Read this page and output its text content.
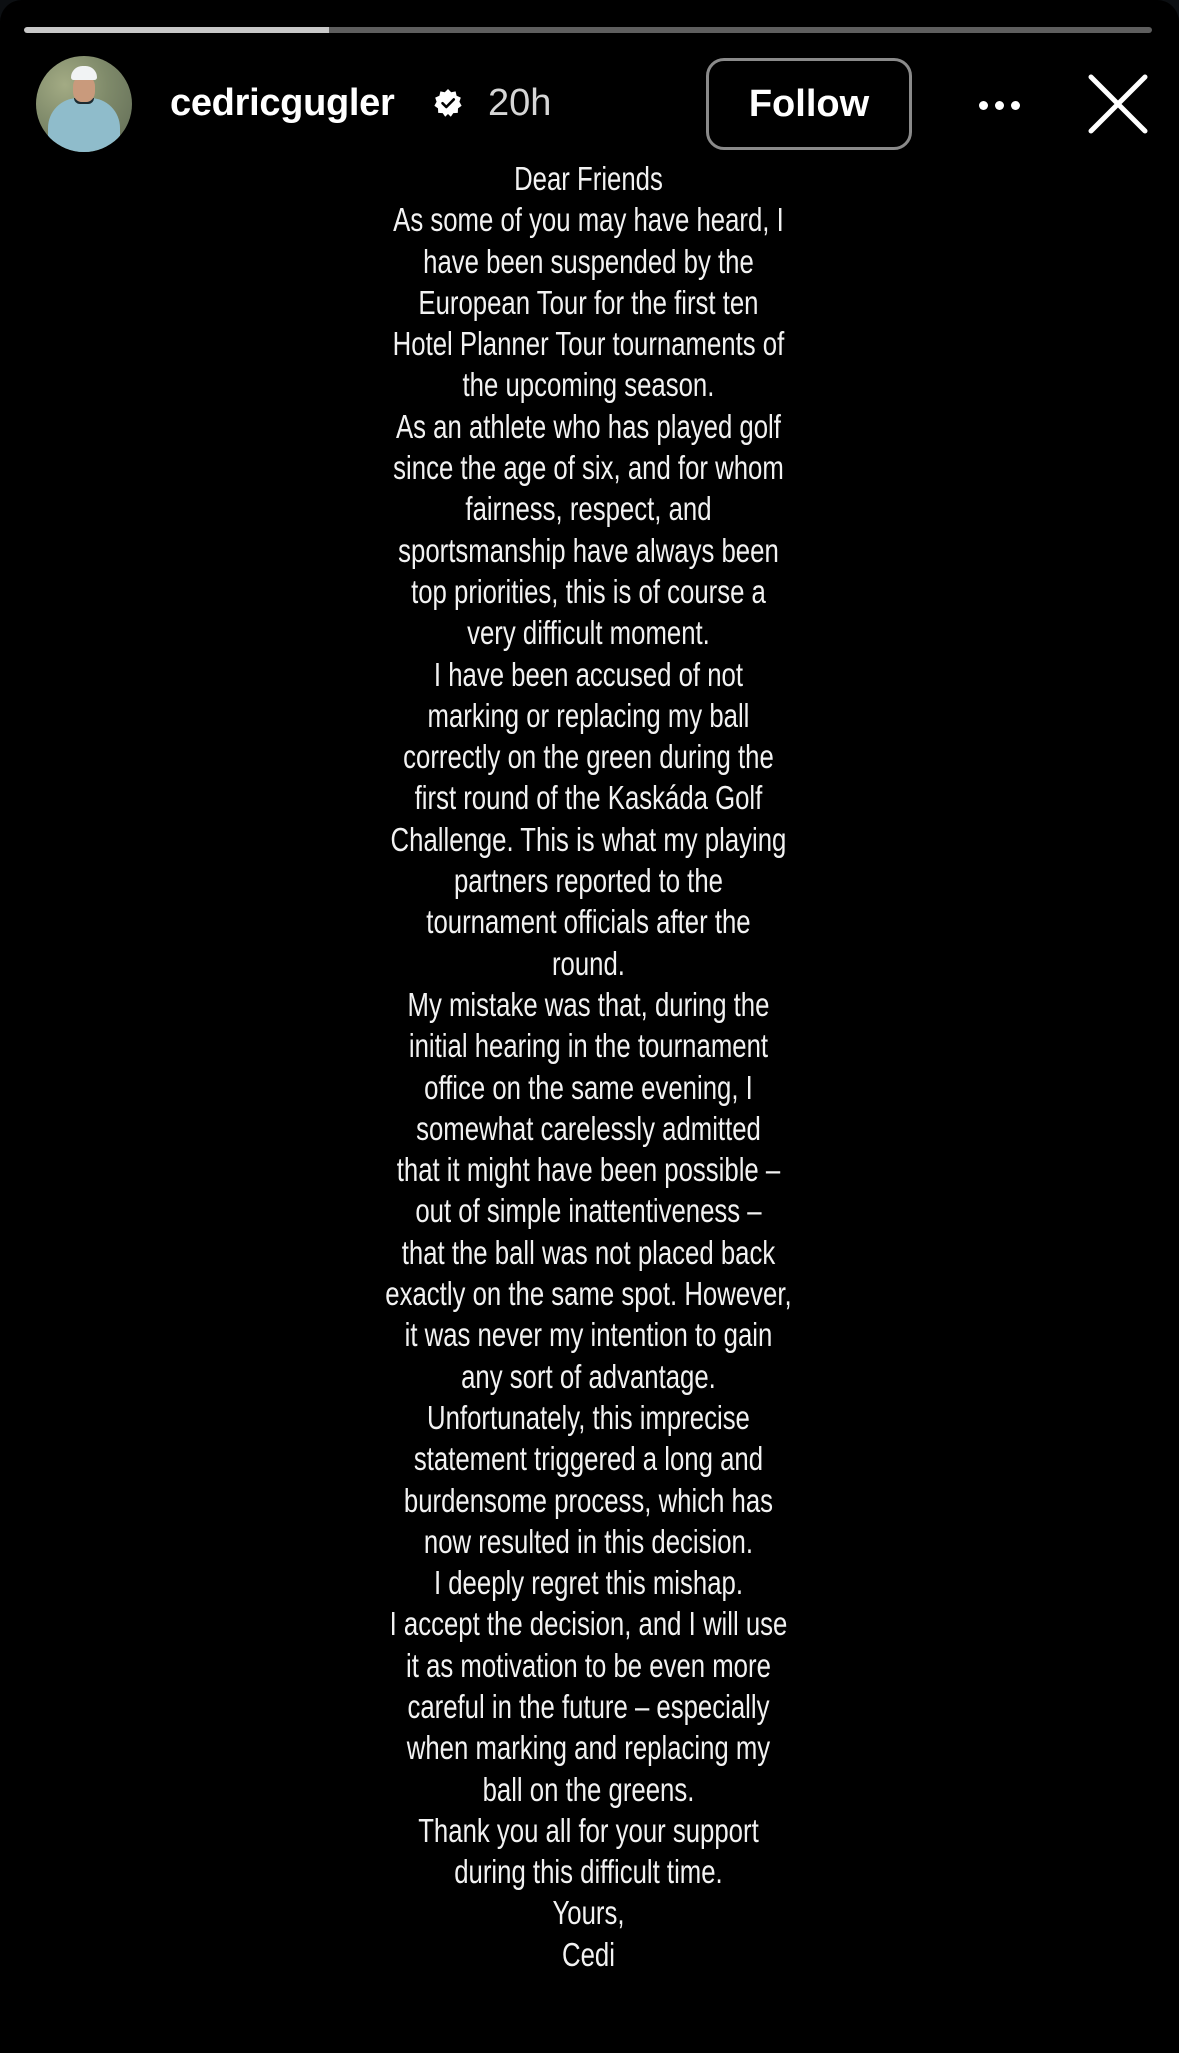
cedricgugler 20h	Follow
Dear Friends
As some of you may have heard, I
have been suspended by the
European Tour for the first ten
Hotel Planner Tour tournaments of
the upcoming season.
As an athlete who has played golf
since the age of six, and for whom
fairness, respect, and
sportsmanship have always been
top priorities, this is of course a
very difficult moment.
I have been accused of not
marking or replacing my ball
correctly on the green during the
first round of the Kaskáda Golf
Challenge. This is what my playing
partners reported to the
tournament officials after the
round.
My mistake was that, during the
initial hearing in the tournament
office on the same evening, I
somewhat carelessly admitted
that it might have been possible –
out of simple inattentiveness –
that the ball was not placed back
exactly on the same spot. However,
it was never my intention to gain
any sort of advantage.
Unfortunately, this imprecise
statement triggered a long and
burdensome process, which has
now resulted in this decision.
I deeply regret this mishap.
I accept the decision, and I will use
it as motivation to be even more
careful in the future – especially
when marking and replacing my
ball on the greens.
Thank you all for your support
during this difficult time.
Yours,
Cedi
